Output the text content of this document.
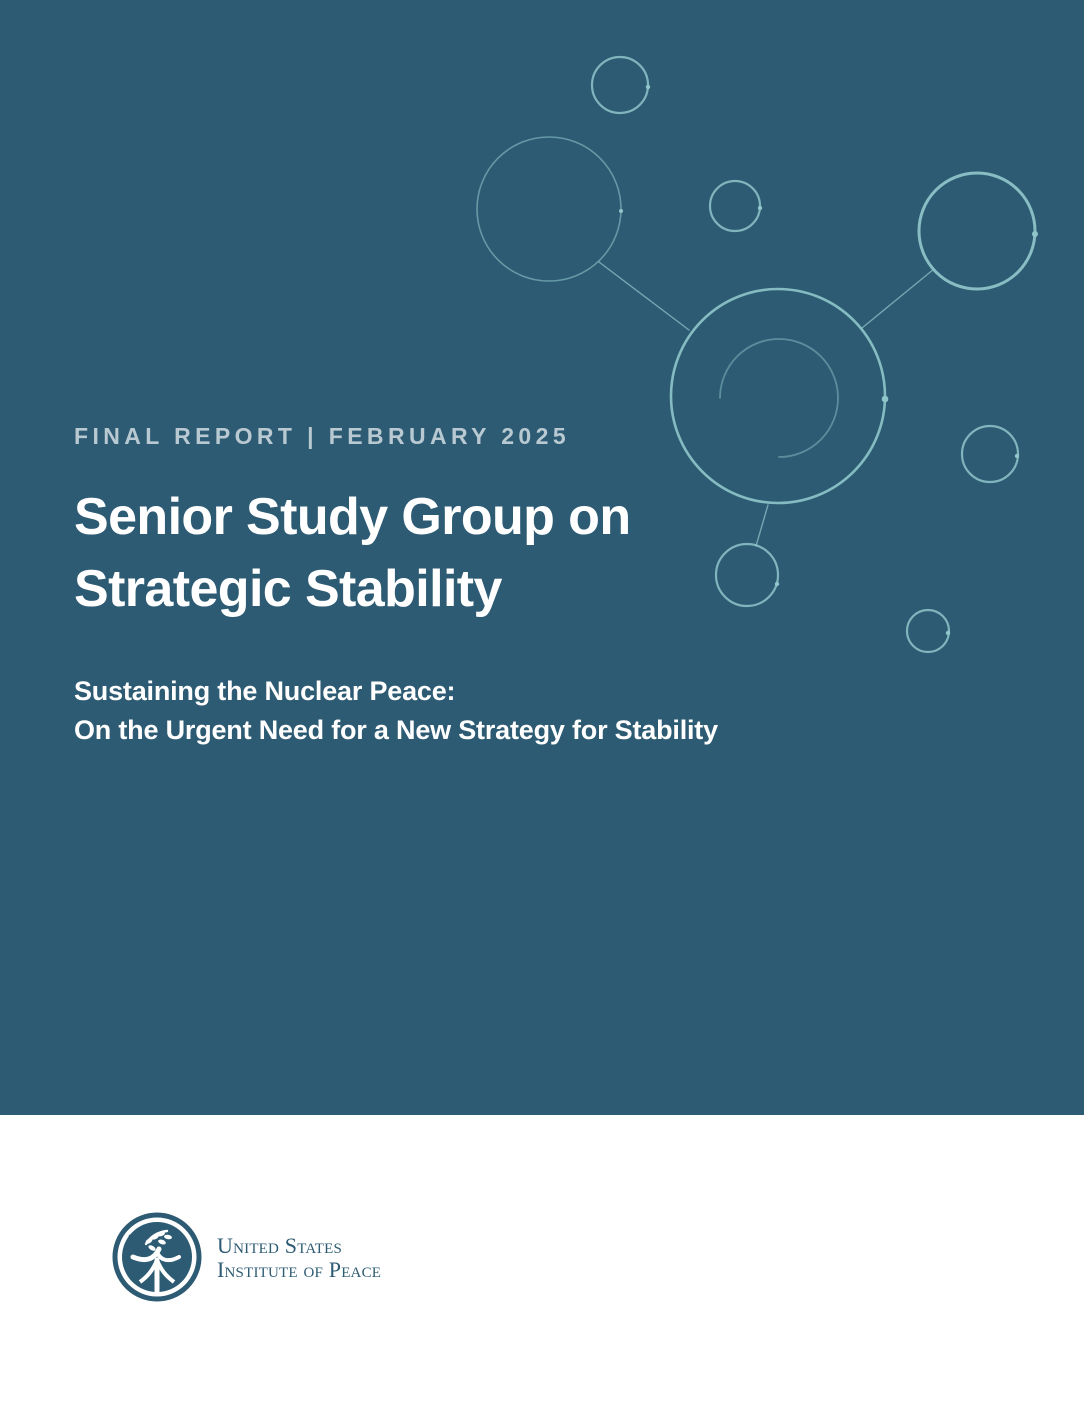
FINAL REPORT | FEBRUARY 2025

Senior Study Group on
Strategic Stability
Sustaining the Nuclear Peace:
On the Urgent Need for a New Strategy for Stability
United States
Institute of Peace
